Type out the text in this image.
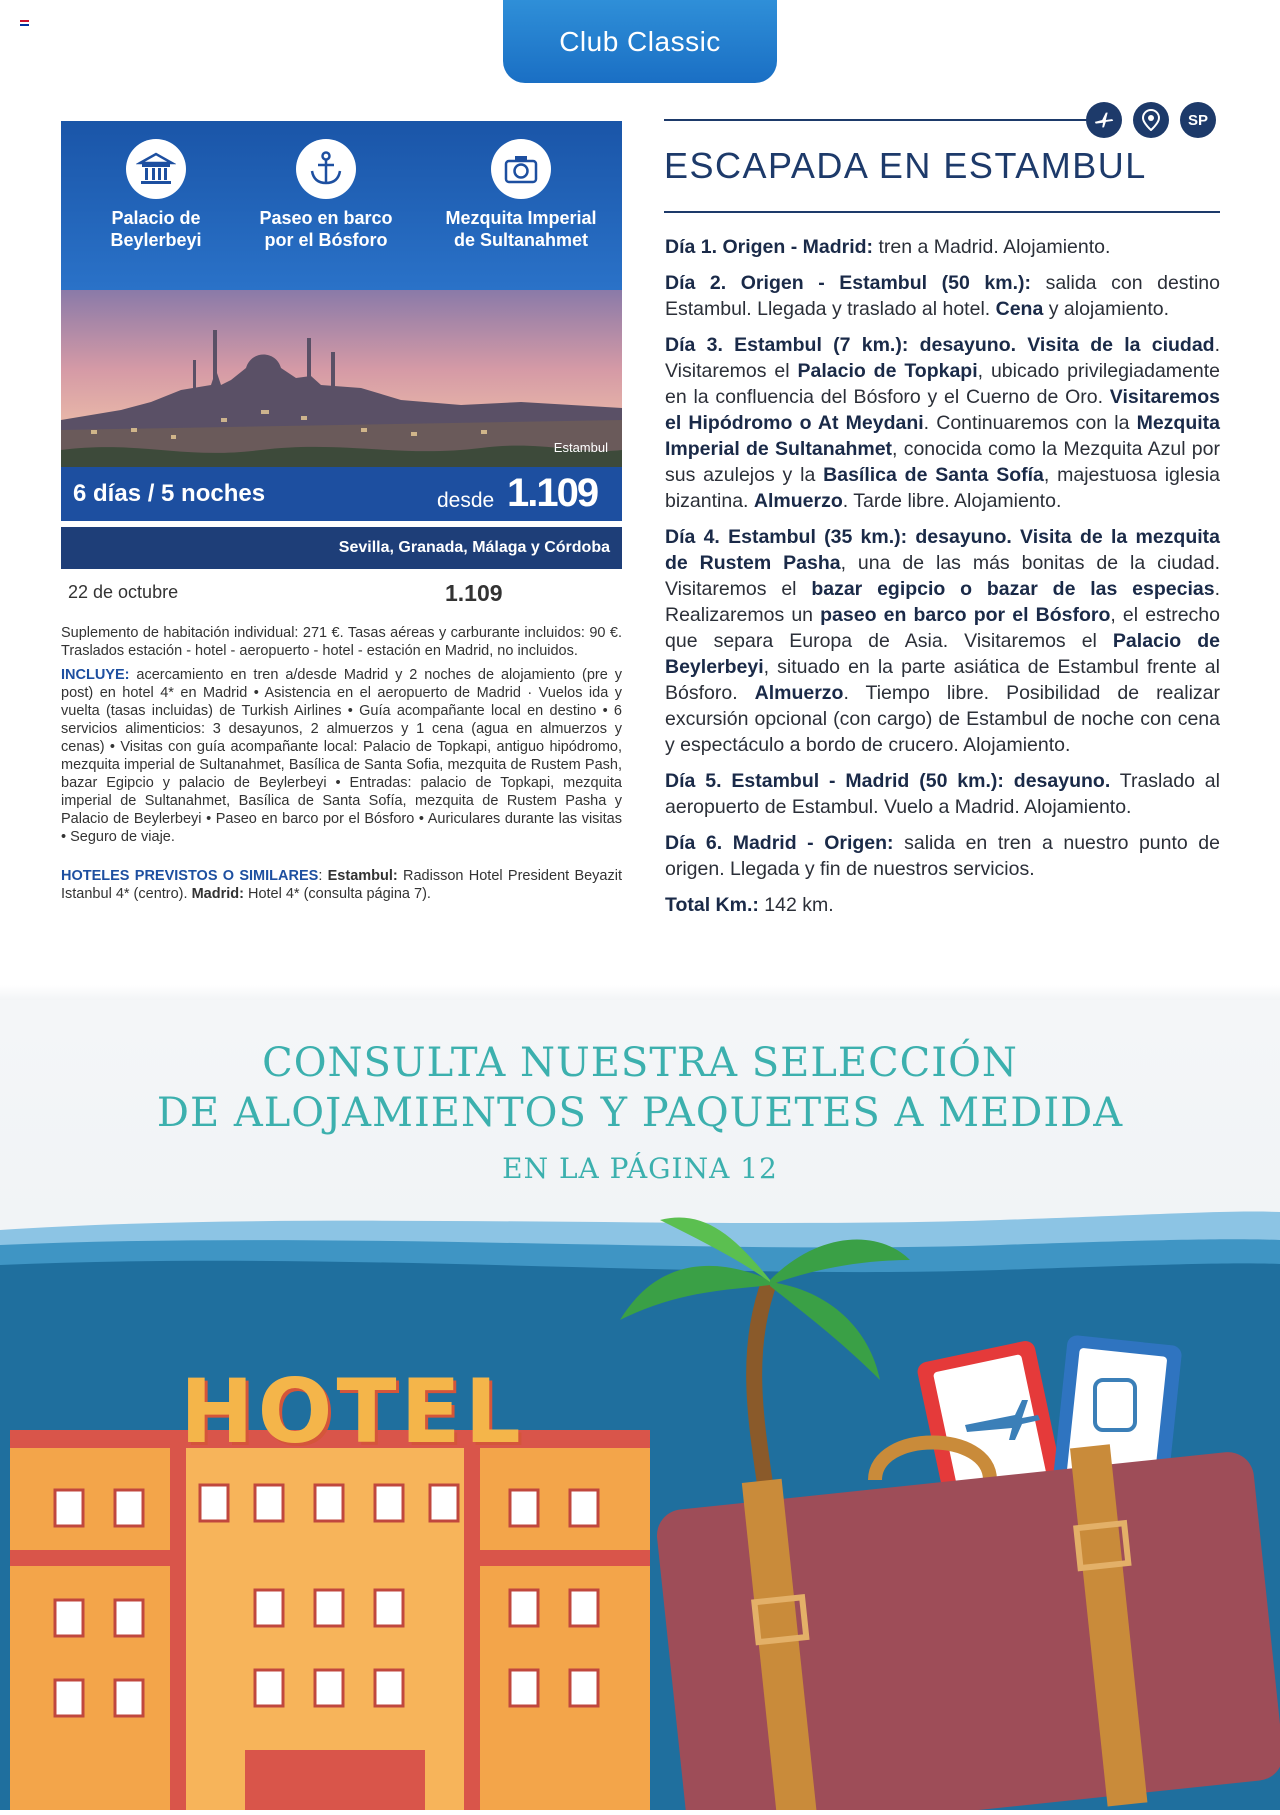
Club Classic
Palacio de
Beylerbeyi
Paseo en barco
por el Bósforo
Mezquita Imperial
de Sultanahmet
Estambul
6 días / 5 noches	desde 1.109
Sevilla, Granada, Málaga y Córdoba
22 de octubre	1.109
Suplemento de habitación individual: 271 €. Tasas aéreas y carburante incluidos: 90 €. Traslados estación - hotel - aeropuerto - hotel - estación en Madrid, no incluidos.
INCLUYE: acercamiento en tren a/desde Madrid y 2 noches de alojamiento (pre y post) en hotel 4* en Madrid • Asistencia en el aeropuerto de Madrid · Vuelos ida y vuelta (tasas incluidas) de Turkish Airlines • Guía acompañante local en destino • 6 servicios alimenticios: 3 desayunos, 2 almuerzos y 1 cena (agua en almuerzos y cenas) • Visitas con guía acompañante local: Palacio de Topkapi, antiguo hipódromo, mezquita imperial de Sultanahmet, Basílica de Santa Sofia, mezquita de Rustem Pash, bazar Egipcio y palacio de Beylerbeyi • Entradas: palacio de Topkapi, mezquita imperial de Sultanahmet, Basílica de Santa Sofía, mezquita de Rustem Pasha y Palacio de Beylerbeyi • Paseo en barco por el Bósforo • Auriculares durante las visitas • Seguro de viaje.
HOTELES PREVISTOS O SIMILARES: Estambul: Radisson Hotel President Beyazit Istanbul 4* (centro). Madrid: Hotel 4* (consulta página 7).
SP
ESCAPADA EN ESTAMBUL

Día 1. Origen - Madrid: tren a Madrid. Alojamiento.

Día 2. Origen - Estambul (50 km.): salida con destino Estambul. Llegada y traslado al hotel. Cena y alojamiento.

Día 3. Estambul (7 km.): desayuno. Visita de la ciudad. Visitaremos el Palacio de Topkapi, ubicado privilegiadamente en la confluencia del Bósforo y el Cuerno de Oro. Visitaremos el Hipódromo o At Meydani. Continuaremos con la Mezquita Imperial de Sultanahmet, conocida como la Mezquita Azul por sus azulejos y la Basílica de Santa Sofía, majestuosa iglesia bizantina. Almuerzo. Tarde libre. Alojamiento.

Día 4. Estambul (35 km.): desayuno. Visita de la mezquita de Rustem Pasha, una de las más bonitas de la ciudad. Visitaremos el bazar egipcio o bazar de las especias. Realizaremos un paseo en barco por el Bósforo, el estrecho que separa Europa de Asia. Visitaremos el Palacio de Beylerbeyi, situado en la parte asiática de Estambul frente al Bósforo. Almuerzo. Tiempo libre. Posibilidad de realizar excursión opcional (con cargo) de Estambul de noche con cena y espectáculo a bordo de crucero. Alojamiento.

Día 5. Estambul - Madrid (50 km.): desayuno. Traslado al aeropuerto de Estambul. Vuelo a Madrid. Alojamiento.

Día 6. Madrid - Origen: salida en tren a nuestro punto de origen. Llegada y fin de nuestros servicios.

Total Km.: 142 km.

CONSULTA NUESTRA SELECCIÓN
DE ALOJAMIENTOS Y PAQUETES A MEDIDA
EN LA PÁGINA 12
HOTEL
